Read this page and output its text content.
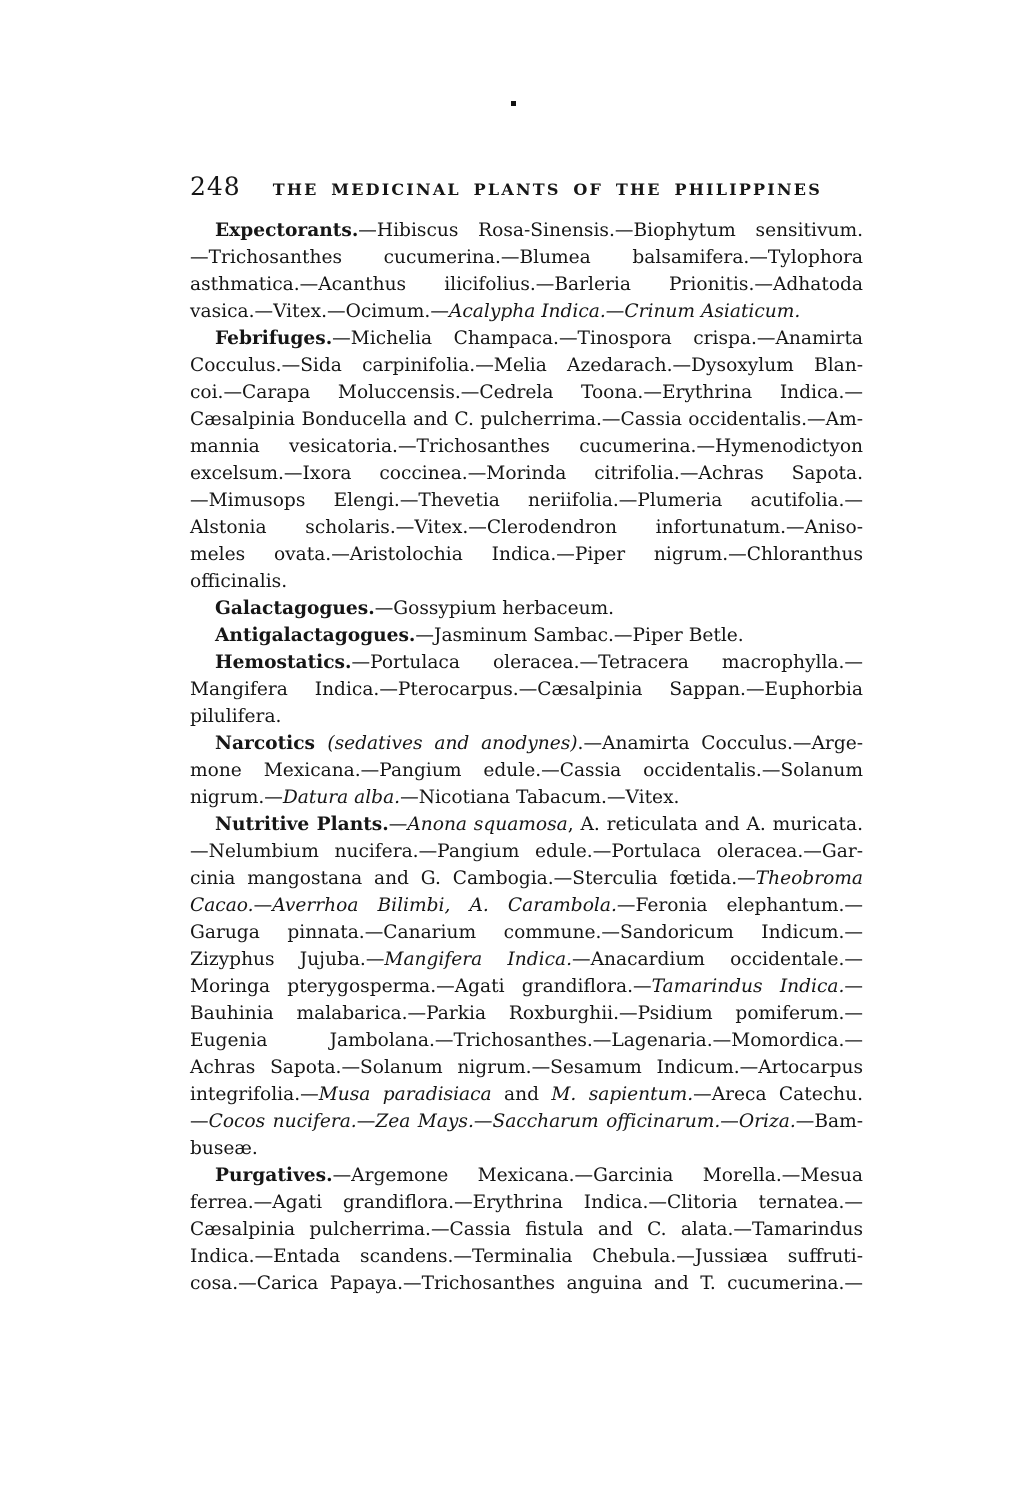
248 THE MEDICINAL PLANTS OF THE PHILIPPINES
Expectorants.—Hibiscus Rosa-Sinensis.—Biophytum sensitivum.
—Trichosanthes cucumerina.—Blumea balsamifera.—Tylophora
asthmatica.—Acanthus ilicifolius.—Barleria Prionitis.—Adhatoda
vasica.—Vitex.—Ocimum.—Acalypha Indica.—Crinum Asiaticum.
Febrifuges.—Michelia Champaca.—Tinospora crispa.—Anamirta
Cocculus.—Sida carpinifolia.—Melia Azedarach.—Dysoxylum Blan-
coi.—Carapa Moluccensis.—Cedrela Toona.—Erythrina Indica.—
Cæsalpinia Bonducella and C. pulcherrima.—Cassia occidentalis.—Am-
mannia vesicatoria.—Trichosanthes cucumerina.—Hymenodictyon
excelsum.—Ixora coccinea.—Morinda citrifolia.—Achras Sapota.
—Mimusops Elengi.—Thevetia neriifolia.—Plumeria acutifolia.—
Alstonia scholaris.—Vitex.—Clerodendron infortunatum.—Aniso-
meles ovata.—Aristolochia Indica.—Piper nigrum.—Chloranthus
officinalis.
Galactagogues.—Gossypium herbaceum.
Antigalactagogues.—Jasminum Sambac.—Piper Betle.
Hemostatics.—Portulaca oleracea.—Tetracera macrophylla.—
Mangifera Indica.—Pterocarpus.—Cæsalpinia Sappan.—Euphorbia
pilulifera.
Narcotics (sedatives and anodynes).—Anamirta Cocculus.—Arge-
mone Mexicana.—Pangium edule.—Cassia occidentalis.—Solanum
nigrum.—Datura alba.—Nicotiana Tabacum.—Vitex.
Nutritive Plants.—Anona squamosa, A. reticulata and A. muricata.
—Nelumbium nucifera.—Pangium edule.—Portulaca oleracea.—Gar-
cinia mangostana and G. Cambogia.—Sterculia fœtida.—Theobroma
Cacao.—Averrhoa Bilimbi, A. Carambola.—Feronia elephantum.—
Garuga pinnata.—Canarium commune.—Sandoricum Indicum.—
Zizyphus Jujuba.—Mangifera Indica.—Anacardium occidentale.—
Moringa pterygosperma.—Agati grandiflora.—Tamarindus Indica.—
Bauhinia malabarica.—Parkia Roxburghii.—Psidium pomiferum.—
Eugenia Jambolana.—Trichosanthes.—Lagenaria.—Momordica.—
Achras Sapota.—Solanum nigrum.—Sesamum Indicum.—Artocarpus
integrifolia.—Musa paradisiaca and M. sapientum.—Areca Catechu.
—Cocos nucifera.—Zea Mays.—Saccharum officinarum.—Oriza.—Bam-
buseæ.
Purgatives.—Argemone Mexicana.—Garcinia Morella.—Mesua
ferrea.—Agati grandiflora.—Erythrina Indica.—Clitoria ternatea.—
Cæsalpinia pulcherrima.—Cassia fistula and C. alata.—Tamarindus
Indica.—Entada scandens.—Terminalia Chebula.—Jussiæa suffruti-
cosa.—Carica Papaya.—Trichosanthes anguina and T. cucumerina.—
